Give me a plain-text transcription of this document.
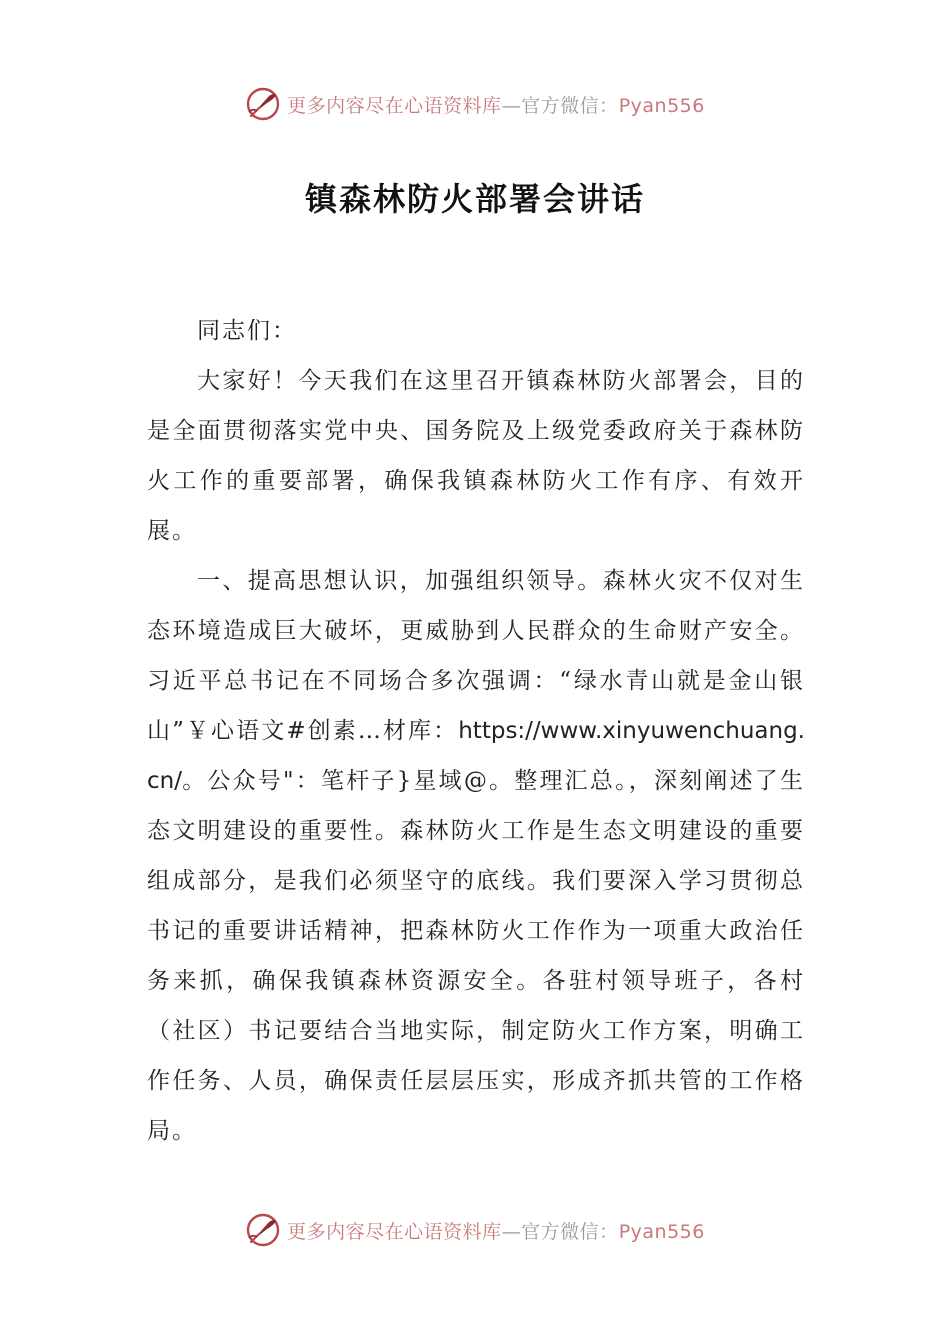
更多内容尽在心语资料库—官方微信：Pyan556
镇森林防火部署会讲话

同志们：

大家好！今天我们在这里召开镇森林防火部署会，目的是全面贯彻落实党中央、国务院及上级党委政府关于森林防火工作的重要部署，确保我镇森林防火工作有序、有效开展。

一、提高思想认识，加强组织领导。森林火灾不仅对生态环境造成巨大破坏，更威胁到人民群众的生命财产安全。习近平总书记在不同场合多次强调：“绿水青山就是金山银山”￥心语文#创素…材库：https://www.xinyuwenchuang.cn/。公众号"：笔杆子}星域@。整理汇总。，深刻阐述了生态文明建设的重要性。森林防火工作是生态文明建设的重要组成部分，是我们必须坚守的底线。我们要深入学习贯彻总书记的重要讲话精神，把森林防火工作作为一项重大政治任务来抓，确保我镇森林资源安全。各驻村领导班子，各村（社区）书记要结合当地实际，制定防火工作方案，明确工作任务、人员，确保责任层层压实，形成齐抓共管的工作格局。

更多内容尽在心语资料库—官方微信：Pyan556
